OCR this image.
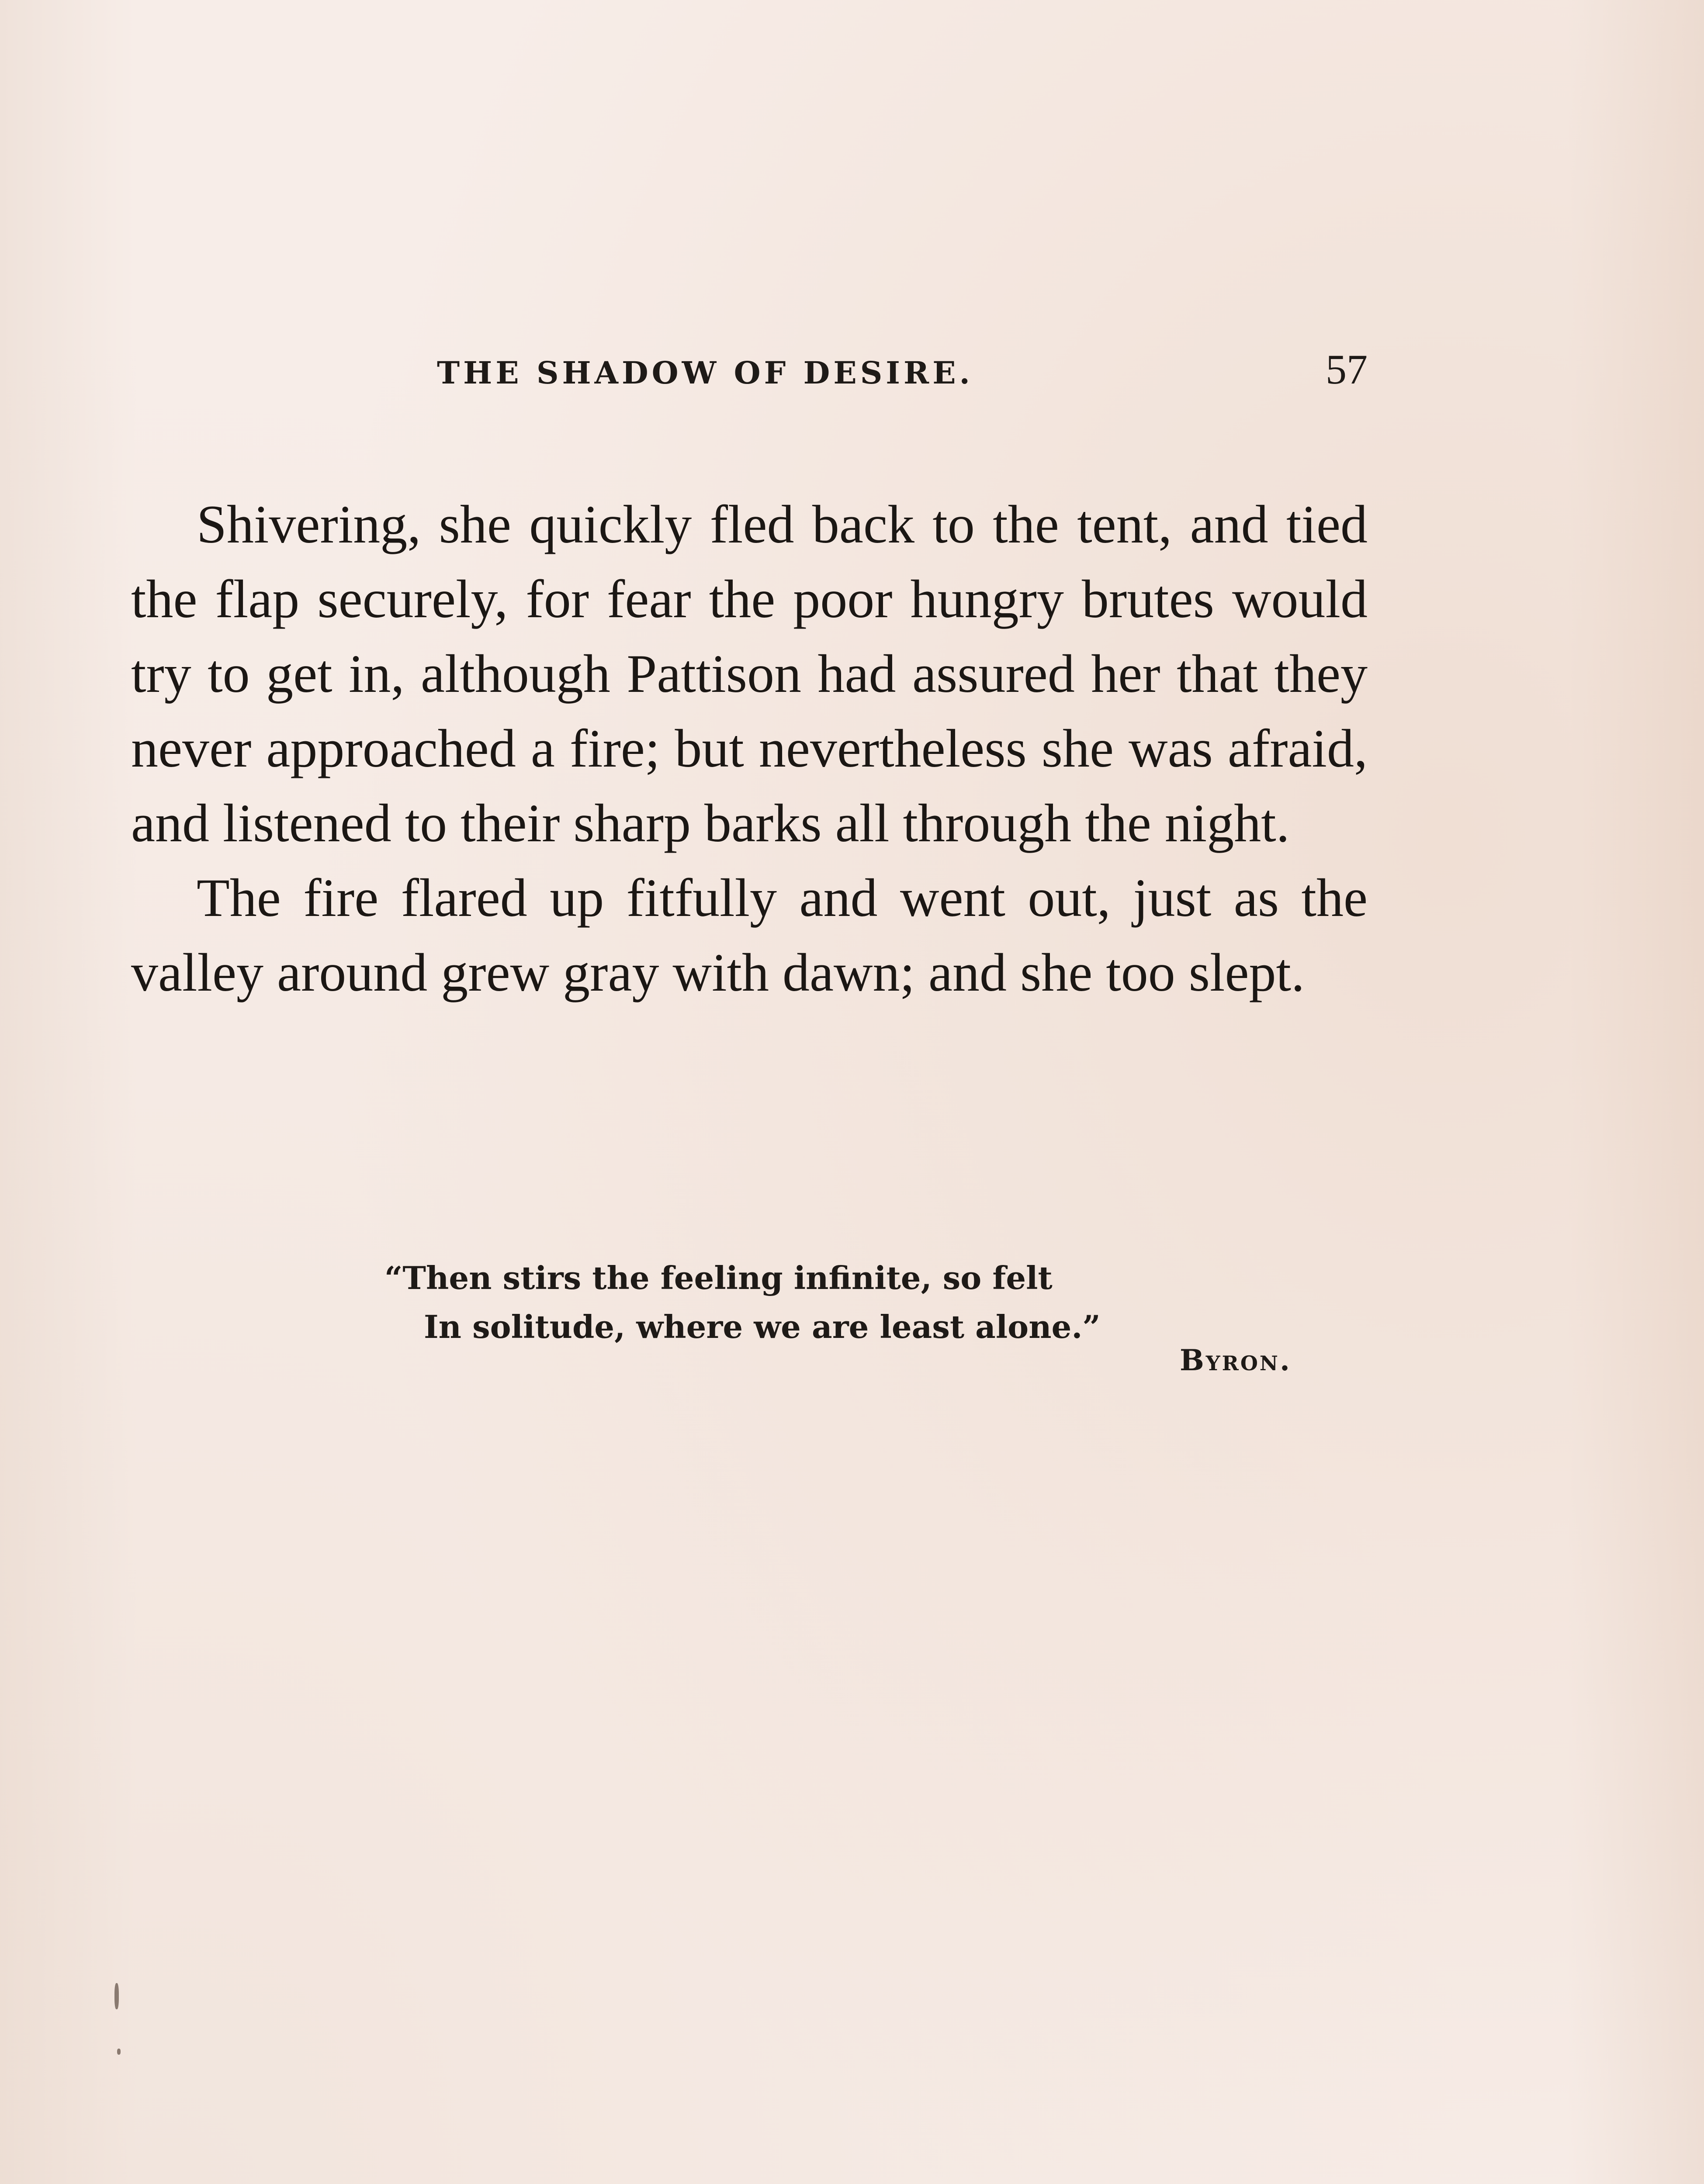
THE SHADOW OF DESIRE.	57

Shivering, she quickly fled back to the tent, and tied the flap securely, for fear the poor hungry brutes would try to get in, although Pattison had assured her that they never approached a fire; but nevertheless she was afraid, and listened to their sharp barks all through the night.

The fire flared up fitfully and went out, just as the valley around grew gray with dawn; and she too slept.

“Then stirs the feeling infinite, so felt
In solitude, where we are least alone.”
Byron.
